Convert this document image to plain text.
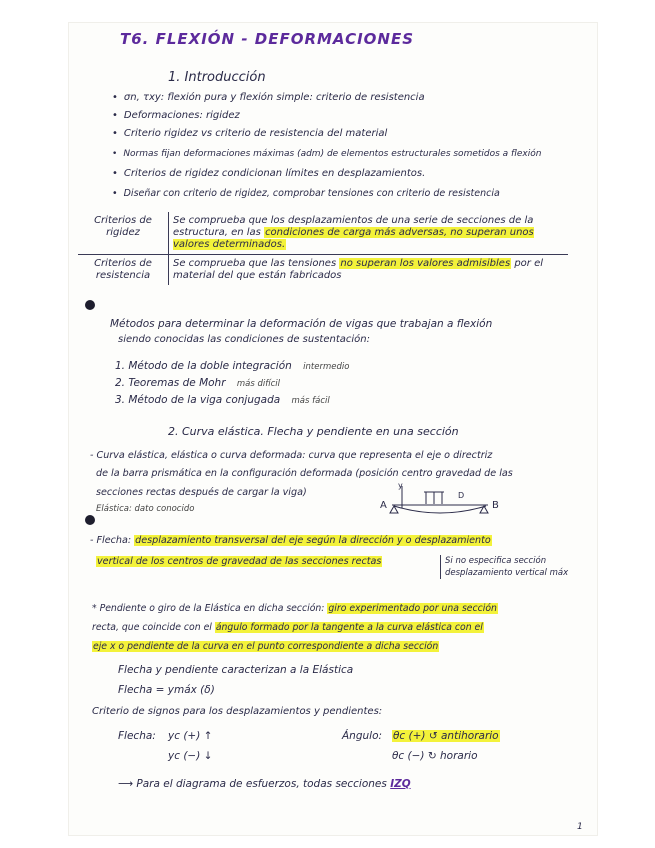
T6. FLEXIÓN - DEFORMACIONES
1. Introducción
• σn, τxy: flexión pura y flexión simple: criterio de resistencia
• Deformaciones: rigidez
• Criterio rigidez vs criterio de resistencia del material
• Normas fijan deformaciones máximas (adm) de elementos estructurales sometidos a flexión
• Criterios de rigidez condicionan límites en desplazamientos.
• Diseñar con criterio de rigidez, comprobar tensiones con criterio de resistencia
Criterios de rigidez	Se comprueba que los desplazamientos de una serie de secciones de la estructura, en las condiciones de carga más adversas, no superan unos valores determinados.
Criterios de resistencia	Se comprueba que las tensiones no superan los valores admisibles por el material del que están fabricados
Métodos para determinar la deformación de vigas que trabajan a flexión
siendo conocidas las condiciones de sustentación:
1. Método de la doble integración intermedio
2. Teoremas de Mohr más difícil
3. Método de la viga conjugada más fácil
2. Curva elástica. Flecha y pendiente en una sección
- Curva elástica, elástica o curva deformada: curva que representa el eje o directriz
de la barra prismática en la configuración deformada (posición centro gravedad de las
secciones rectas después de cargar la viga)
Elástica: dato conocido	A	B
y
D
- Flecha: desplazamiento transversal del eje según la dirección y o desplazamiento
vertical de los centros de gravedad de las secciones rectas	Si no especifica sección
desplazamiento vertical máx
* Pendiente o giro de la Elástica en dicha sección: giro experimentado por una sección
recta, que coincide con el ángulo formado por la tangente a la curva elástica con el
eje x o pendiente de la curva en el punto correspondiente a dicha sección
Flecha y pendiente caracterizan a la Elástica
Flecha = ymáx (δ)
Criterio de signos para los desplazamientos y pendientes:
Flecha: yc (+) ↑
yc (−) ↓
Ángulo: θc (+) ↺ antihorario
θc (−) ↻ horario
⟶ Para el diagrama de esfuerzos, todas secciones IZQ
1
